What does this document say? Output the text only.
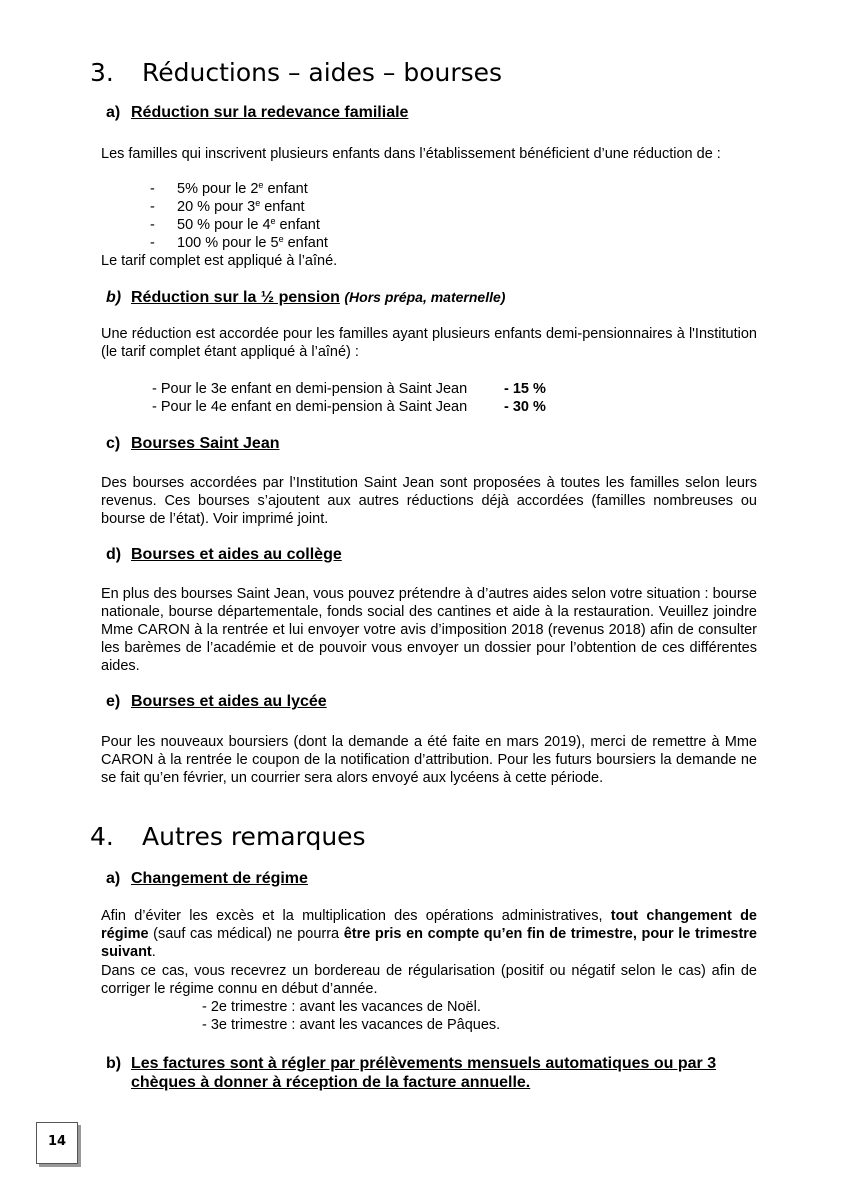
3. Réductions – aides – bourses
a) Réduction sur la redevance familiale
Les familles qui inscrivent plusieurs enfants dans l’établissement bénéficient d’une réduction de :
- 5% pour le 2e enfant
- 20 % pour 3e enfant
- 50 % pour le 4e enfant
- 100 % pour le 5e enfant
Le tarif complet est appliqué à l’aîné.
b) Réduction sur la ½ pension (Hors prépa, maternelle)
Une réduction est accordée pour les familles ayant plusieurs enfants demi-pensionnaires à l'Institution (le tarif complet étant appliqué à l’aîné) :
- Pour le 3e enfant en demi-pension à Saint Jean	- 15 %
- Pour le 4e enfant en demi-pension à Saint Jean	- 30 %
c) Bourses Saint Jean
Des bourses accordées par l’Institution Saint Jean sont proposées à toutes les familles selon leurs revenus. Ces bourses s’ajoutent aux autres réductions déjà accordées (familles nombreuses ou bourse de l’état). Voir imprimé joint.
d) Bourses et aides au collège
En plus des bourses Saint Jean, vous pouvez prétendre à d’autres aides selon votre situation : bourse nationale, bourse départementale, fonds social des cantines et aide à la restauration. Veuillez joindre Mme CARON à la rentrée et lui envoyer votre avis d’imposition 2018 (revenus 2018) afin de consulter les barèmes de l’académie et de pouvoir vous envoyer un dossier pour l’obtention de ces différentes aides.
e) Bourses et aides au lycée
Pour les nouveaux boursiers (dont la demande a été faite en mars 2019), merci de remettre à Mme CARON à la rentrée le coupon de la notification d’attribution. Pour les futurs boursiers la demande ne se fait qu’en février, un courrier sera alors envoyé aux lycéens à cette période.
4. Autres remarques
a) Changement de régime
Afin d’éviter les excès et la multiplication des opérations administratives, tout changement de régime (sauf cas médical) ne pourra être pris en compte qu’en fin de trimestre, pour le trimestre suivant.
Dans ce cas, vous recevrez un bordereau de régularisation (positif ou négatif selon le cas) afin de corriger le régime connu en début d’année.
- 2e trimestre : avant les vacances de Noël.
- 3e trimestre : avant les vacances de Pâques.
b) Les factures sont à régler par prélèvements mensuels automatiques ou par 3 chèques à donner à réception de la facture annuelle.
14
